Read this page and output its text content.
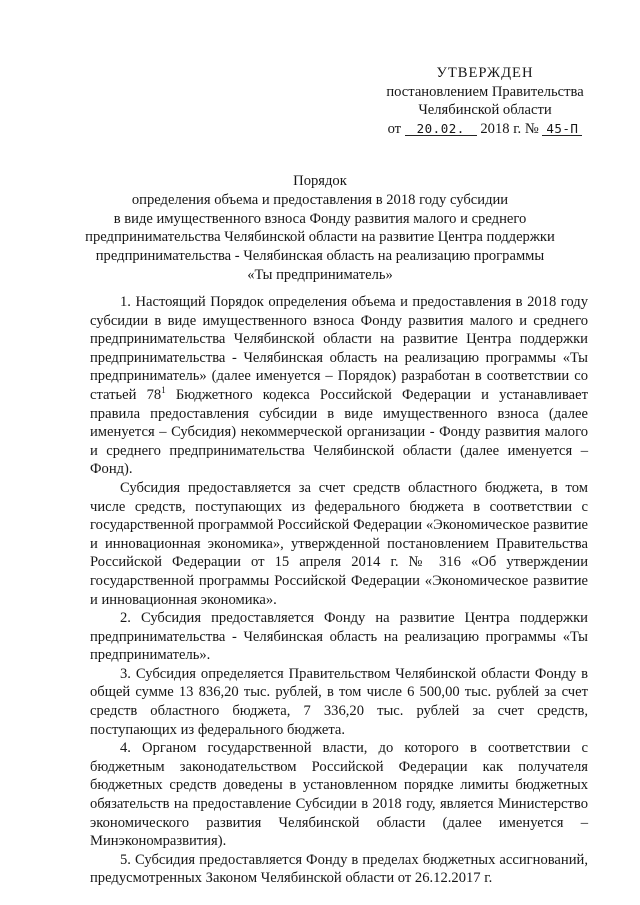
УТВЕРЖДЕН
постановлением Правительства
Челябинской области
от 20.02. 2018 г. № 45-П
Порядок
определения объема и предоставления в 2018 году субсидии
в виде имущественного взноса Фонду развития малого и среднего
предпринимательства Челябинской области на развитие Центра поддержки
предпринимательства - Челябинская область на реализацию программы
«Ты предприниматель»

1. Настоящий Порядок определения объема и предоставления в 2018 году субсидии в виде имущественного взноса Фонду развития малого и среднего предпринимательства Челябинской области на развитие Центра поддержки предпринимательства - Челябинская область на реализацию программы «Ты предприниматель» (далее именуется – Порядок) разработан в соответствии со статьей $78^1$ Бюджетного кодекса Российской Федерации и устанавливает правила предоставления субсидии в виде имущественного взноса (далее именуется – Субсидия) некоммерческой организации - Фонду развития малого и среднего предпринимательства Челябинской области (далее именуется – Фонд).

Субсидия предоставляется за счет средств областного бюджета, в том числе средств, поступающих из федерального бюджета в соответствии с государственной программой Российской Федерации «Экономическое развитие и инновационная экономика», утвержденной постановлением Правительства Российской Федерации от 15 апреля 2014 г. № 316 «Об утверждении государственной программы Российской Федерации «Экономическое развитие и инновационная экономика».

2. Субсидия предоставляется Фонду на развитие Центра поддержки предпринимательства - Челябинская область на реализацию программы «Ты предприниматель».

3. Субсидия определяется Правительством Челябинской области Фонду в общей сумме 13 836,20 тыс. рублей, в том числе 6 500,00 тыс. рублей за счет средств областного бюджета, 7 336,20 тыс. рублей за счет средств, поступающих из федерального бюджета.

4. Органом государственной власти, до которого в соответствии с бюджетным законодательством Российской Федерации как получателя бюджетных средств доведены в установленном порядке лимиты бюджетных обязательств на предоставление Субсидии в 2018 году, является Министерство экономического развития Челябинской области (далее именуется – Минэкономразвития).

5. Субсидия предоставляется Фонду в пределах бюджетных ассигнований, предусмотренных Законом Челябинской области от 26.12.2017 г.
